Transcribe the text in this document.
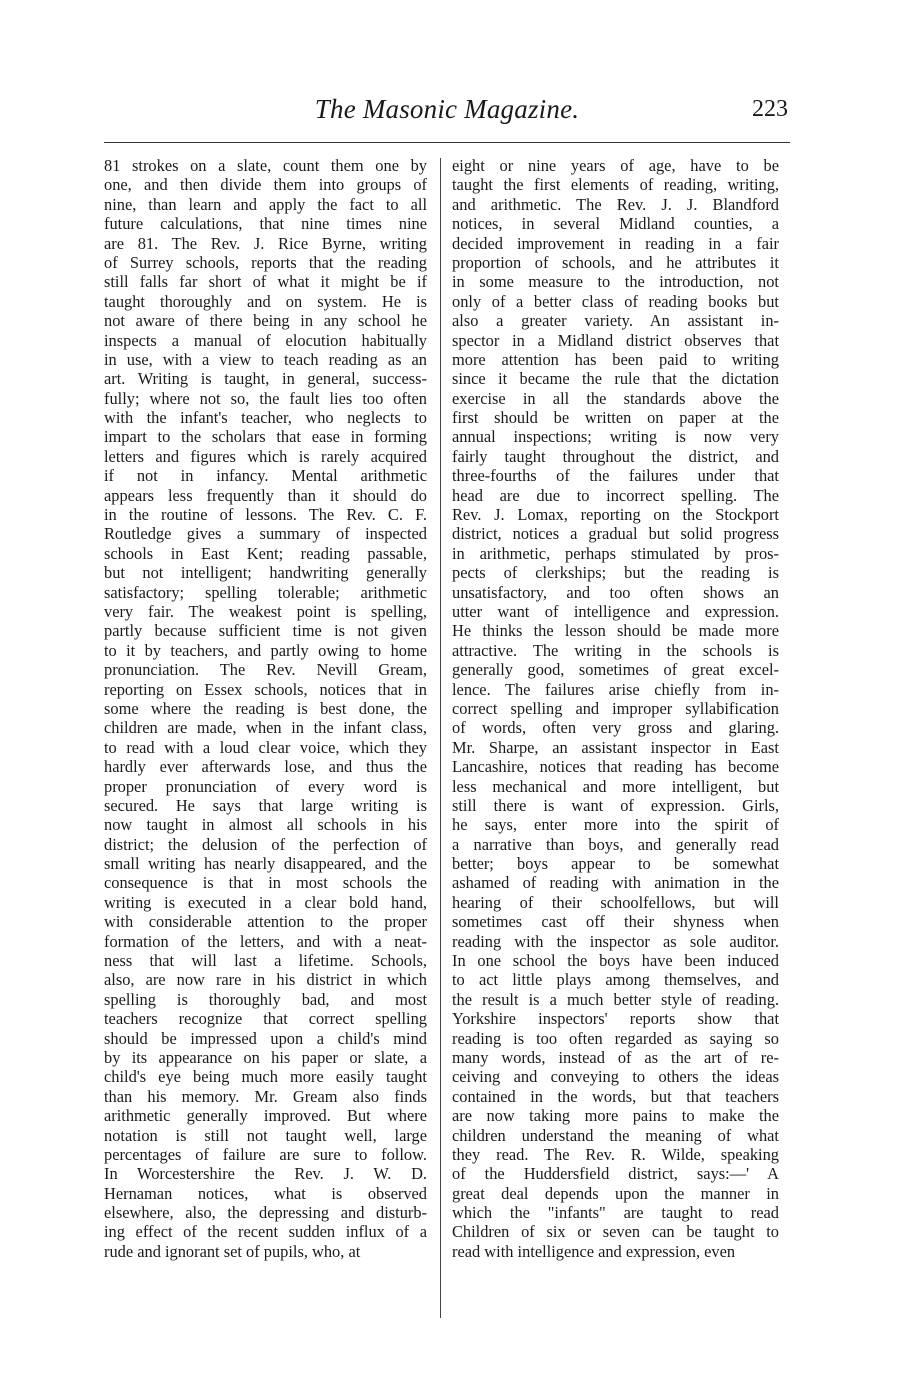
The Masonic Magazine.	223
81 strokes on a slate, count them one by
one, and then divide them into groups of
nine, than learn and apply the fact to all
future calculations, that nine times nine
are 81. The Rev. J. Rice Byrne, writing
of Surrey schools, reports that the reading
still falls far short of what it might be if
taught thoroughly and on system. He is
not aware of there being in any school he
inspects a manual of elocution habitually
in use, with a view to teach reading as an
art. Writing is taught, in general, success-
fully; where not so, the fault lies too often
with the infant's teacher, who neglects to
impart to the scholars that ease in forming
letters and figures which is rarely acquired
if not in infancy. Mental arithmetic
appears less frequently than it should do
in the routine of lessons. The Rev. C. F.
Routledge gives a summary of inspected
schools in East Kent; reading passable,
but not intelligent; handwriting generally
satisfactory; spelling tolerable; arithmetic
very fair. The weakest point is spelling,
partly because sufficient time is not given
to it by teachers, and partly owing to home
pronunciation. The Rev. Nevill Gream,
reporting on Essex schools, notices that in
some where the reading is best done, the
children are made, when in the infant class,
to read with a loud clear voice, which they
hardly ever afterwards lose, and thus the
proper pronunciation of every word is
secured. He says that large writing is
now taught in almost all schools in his
district; the delusion of the perfection of
small writing has nearly disappeared, and the
consequence is that in most schools the
writing is executed in a clear bold hand,
with considerable attention to the proper
formation of the letters, and with a neat-
ness that will last a lifetime. Schools,
also, are now rare in his district in which
spelling is thoroughly bad, and most
teachers recognize that correct spelling
should be impressed upon a child's mind
by its appearance on his paper or slate, a
child's eye being much more easily taught
than his memory. Mr. Gream also finds
arithmetic generally improved. But where
notation is still not taught well, large
percentages of failure are sure to follow.
In Worcestershire the Rev. J. W. D.
Hernaman notices, what is observed
elsewhere, also, the depressing and disturb-
ing effect of the recent sudden influx of a
rude and ignorant set of pupils, who, at
eight or nine years of age, have to be
taught the first elements of reading, writing,
and arithmetic. The Rev. J. J. Blandford
notices, in several Midland counties, a
decided improvement in reading in a fair
proportion of schools, and he attributes it
in some measure to the introduction, not
only of a better class of reading books but
also a greater variety. An assistant in-
spector in a Midland district observes that
more attention has been paid to writing
since it became the rule that the dictation
exercise in all the standards above the
first should be written on paper at the
annual inspections; writing is now very
fairly taught throughout the district, and
three-fourths of the failures under that
head are due to incorrect spelling. The
Rev. J. Lomax, reporting on the Stockport
district, notices a gradual but solid progress
in arithmetic, perhaps stimulated by pros-
pects of clerkships; but the reading is
unsatisfactory, and too often shows an
utter want of intelligence and expression.
He thinks the lesson should be made more
attractive. The writing in the schools is
generally good, sometimes of great excel-
lence. The failures arise chiefly from in-
correct spelling and improper syllabification
of words, often very gross and glaring.
Mr. Sharpe, an assistant inspector in East
Lancashire, notices that reading has become
less mechanical and more intelligent, but
still there is want of expression. Girls,
he says, enter more into the spirit of
a narrative than boys, and generally read
better; boys appear to be somewhat
ashamed of reading with animation in the
hearing of their schoolfellows, but will
sometimes cast off their shyness when
reading with the inspector as sole auditor.
In one school the boys have been induced
to act little plays among themselves, and
the result is a much better style of reading.
Yorkshire inspectors' reports show that
reading is too often regarded as saying so
many words, instead of as the art of re-
ceiving and conveying to others the ideas
contained in the words, but that teachers
are now taking more pains to make the
children understand the meaning of what
they read. The Rev. R. Wilde, speaking
of the Huddersfield district, says:—' A
great deal depends upon the manner in
which the "infants" are taught to read
Children of six or seven can be taught to
read with intelligence and expression, even
